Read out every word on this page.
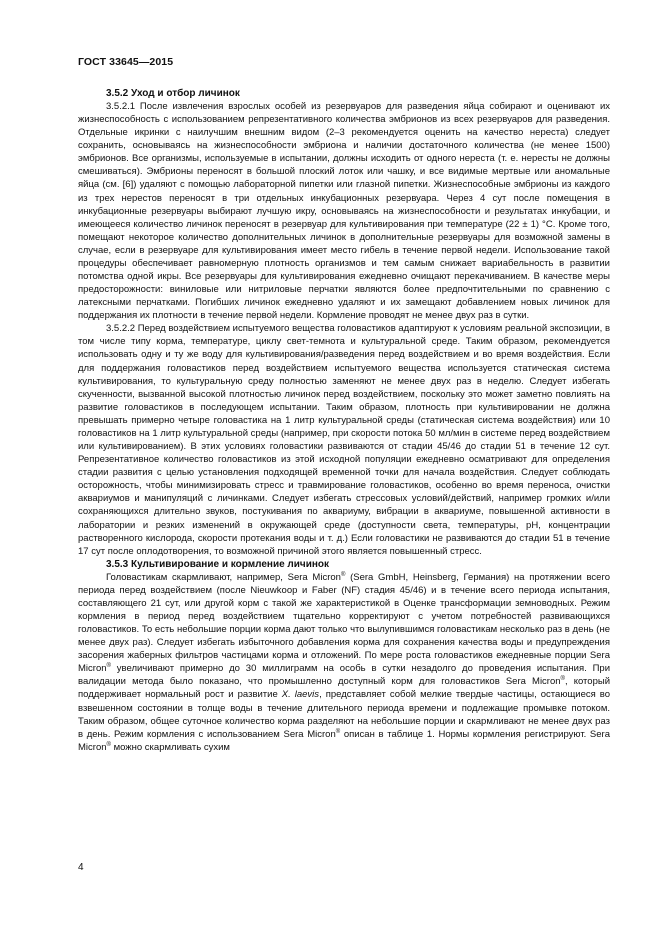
ГОСТ 33645—2015

3.5.2 Уход и отбор личинок

3.5.2.1 После извлечения взрослых особей из резервуаров для разведения яйца собирают и оценивают их жизнеспособность с использованием репрезентативного количества эмбрионов из всех резервуаров для разведения. Отдельные икринки с наилучшим внешним видом (2–3 рекомендуется оценить на качество нереста) следует сохранить, основываясь на жизнеспособности эмбриона и наличии достаточного количества (не менее 1500) эмбрионов. Все организмы, используемые в испытании, должны исходить от одного нереста (т. е. нересты не должны смешиваться). Эмбрионы переносят в большой плоский лоток или чашку, и все видимые мертвые или аномальные яйца (см. [6]) удаляют с помощью лабораторной пипетки или глазной пипетки. Жизнеспособные эмбрионы из каждого из трех нерестов переносят в три отдельных инкубационных резервуара. Через 4 сут после помещения в инкубационные резервуары выбирают лучшую икру, основываясь на жизнеспособности и результатах инкубации, и имеющееся количество личинок переносят в резервуар для культивирования при температуре (22 ± 1) °С. Кроме того, помещают некоторое количество дополнительных личинок в дополнительные резервуары для возможной замены в случае, если в резервуаре для культивирования имеет место гибель в течение первой недели. Использование такой процедуры обеспечивает равномерную плотность организмов и тем самым снижает вариабельность в развитии потомства одной икры. Все резервуары для культивирования ежедневно очищают перекачиванием. В качестве меры предосторожности: виниловые или нитриловые перчатки являются более предпочтительными по сравнению с латексными перчатками. Погибших личинок ежедневно удаляют и их замещают добавлением новых личинок для поддержания их плотности в течение первой недели. Кормление проводят не менее двух раз в сутки.

3.5.2.2 Перед воздействием испытуемого вещества головастиков адаптируют к условиям реальной экспозиции, в том числе типу корма, температуре, циклу свет-темнота и культуральной среде. Таким образом, рекомендуется использовать одну и ту же воду для культивирования/разведения перед воздействием и во время воздействия. Если для поддержания головастиков перед воздействием испытуемого вещества используется статическая система культивирования, то культуральную среду полностью заменяют не менее двух раз в неделю. Следует избегать скученности, вызванной высокой плотностью личинок перед воздействием, поскольку это может заметно повлиять на развитие головастиков в последующем испытании. Таким образом, плотность при культивировании не должна превышать примерно четыре головастика на 1 литр культуральной среды (статическая система воздействия) или 10 головастиков на 1 литр культуральной среды (например, при скорости потока 50 мл/мин в системе перед воздействием или культивированием). В этих условиях головастики развиваются от стадии 45/46 до стадии 51 в течение 12 сут. Репрезентативное количество головастиков из этой исходной популяции ежедневно осматривают для определения стадии развития с целью установления подходящей временной точки для начала воздействия. Следует соблюдать осторожность, чтобы минимизировать стресс и травмирование головастиков, особенно во время переноса, очистки аквариумов и манипуляций с личинками. Следует избегать стрессовых условий/действий, например громких и/или сохраняющихся длительно звуков, постукивания по аквариуму, вибрации в аквариуме, повышенной активности в лаборатории и резких изменений в окружающей среде (доступности света, температуры, pH, концентрации растворенного кислорода, скорости протекания воды и т. д.) Если головастики не развиваются до стадии 51 в течение 17 сут после оплодотворения, то возможной причиной этого является повышенный стресс.

3.5.3 Культивирование и кормление личинок

Головастикам скармливают, например, Sera Micron® (Sera GmbH, Heinsberg, Германия) на протяжении всего периода перед воздействием (после Nieuwkoop и Faber (NF) стадия 45/46) и в течение всего периода испытания, составляющего 21 сут, или другой корм с такой же характеристикой в Оценке трансформации земноводных. Режим кормления в период перед воздействием тщательно корректируют с учетом потребностей развивающихся головастиков. То есть небольшие порции корма дают только что вылупившимся головастикам несколько раз в день (не менее двух раз). Следует избегать избыточного добавления корма для сохранения качества воды и предупреждения засорения жаберных фильтров частицами корма и отложений. По мере роста головастиков ежедневные порции Sera Micron® увеличивают примерно до 30 миллиграмм на особь в сутки незадолго до проведения испытания. При валидации метода было показано, что промышленно доступный корм для головастиков Sera Micron®, который поддерживает нормальный рост и развитие X. laevis, представляет собой мелкие твердые частицы, остающиеся во взвешенном состоянии в толще воды в течение длительного периода времени и подлежащие промывке потоком. Таким образом, общее суточное количество корма разделяют на небольшие порции и скармливают не менее двух раз в день. Режим кормления с использованием Sera Micron® описан в таблице 1. Нормы кормления регистрируют. Sera Micron® можно скармливать сухим

4
